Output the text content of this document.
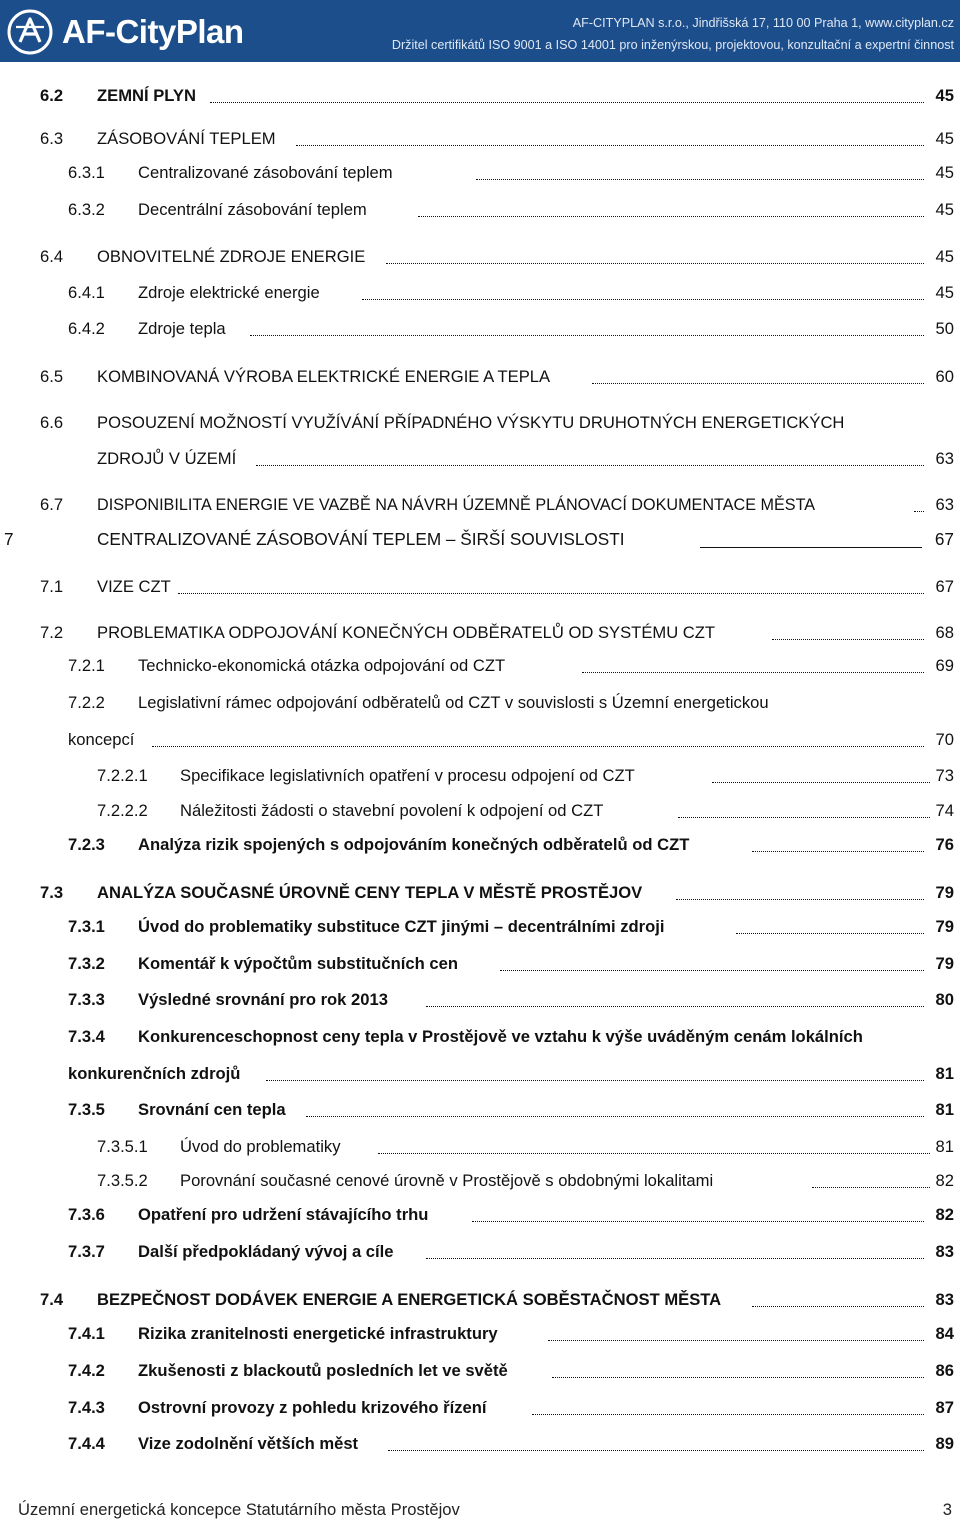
AF-CityPlan	AF-CITYPLAN s.r.o., Jindřišská 17, 110 00 Praha 1, www.cityplan.cz
Držitel certifikátů ISO 9001 a ISO 14001 pro inženýrskou, projektovou, konzultační a expertní činnost
6.2 ZEMNÍ PLYN	45
6.3 ZÁSOBOVÁNÍ TEPLEM	45
6.3.1 Centralizované zásobování teplem	45
6.3.2 Decentrální zásobování teplem	45
6.4 OBNOVITELNÉ ZDROJE ENERGIE	45
6.4.1 Zdroje elektrické energie	45
6.4.2 Zdroje tepla	50
6.5 KOMBINOVANÁ VÝROBA ELEKTRICKÉ ENERGIE A TEPLA	60
6.6 POSOUZENÍ MOŽNOSTÍ VYUŽÍVÁNÍ PŘÍPADNÉHO VÝSKYTU DRUHOTNÝCH ENERGETICKÝCH
ZDROJŮ V ÚZEMÍ	63
6.7 DISPONIBILITA ENERGIE VE VAZBĚ NA NÁVRH ÚZEMNĚ PLÁNOVACÍ DOKUMENTACE MĚSTA	63
7	CENTRALIZOVANÉ ZÁSOBOVÁNÍ TEPLEM – ŠIRŠÍ SOUVISLOSTI	67
7.1 VIZE CZT	67
7.2 PROBLEMATIKA ODPOJOVÁNÍ KONEČNÝCH ODBĚRATELŮ OD SYSTÉMU CZT	68
7.2.1 Technicko-ekonomická otázka odpojování od CZT	69
7.2.2 Legislativní rámec odpojování odběratelů od CZT v souvislosti s Územní energetickou
koncepcí	70
7.2.2.1 Specifikace legislativních opatření v procesu odpojení od CZT	73
7.2.2.2 Náležitosti žádosti o stavební povolení k odpojení od CZT	74
7.2.3 Analýza rizik spojených s odpojováním konečných odběratelů od CZT	76
7.3 ANALÝZA SOUČASNÉ ÚROVNĚ CENY TEPLA V MĚSTĚ PROSTĚJOV	79
7.3.1 Úvod do problematiky substituce CZT jinými – decentrálními zdroji	79
7.3.2 Komentář k výpočtům substitučních cen	79
7.3.3 Výsledné srovnání pro rok 2013	80
7.3.4 Konkurenceschopnost ceny tepla v Prostějově ve vztahu k výše uváděným cenám lokálních
konkurenčních zdrojů	81
7.3.5 Srovnání cen tepla	81
7.3.5.1 Úvod do problematiky	81
7.3.5.2 Porovnání současné cenové úrovně v Prostějově s obdobnými lokalitami	82
7.3.6 Opatření pro udržení stávajícího trhu	82
7.3.7 Další předpokládaný vývoj a cíle	83
7.4 BEZPEČNOST DODÁVEK ENERGIE A ENERGETICKÁ SOBĚSTAČNOST MĚSTA	83
7.4.1 Rizika zranitelnosti energetické infrastruktury	84
7.4.2 Zkušenosti z blackoutů posledních let ve světě	86
7.4.3 Ostrovní provozy z pohledu krizového řízení	87
7.4.4 Vize zodolnění větších měst	89
Územní energetická koncepce Statutárního města Prostějov	3
